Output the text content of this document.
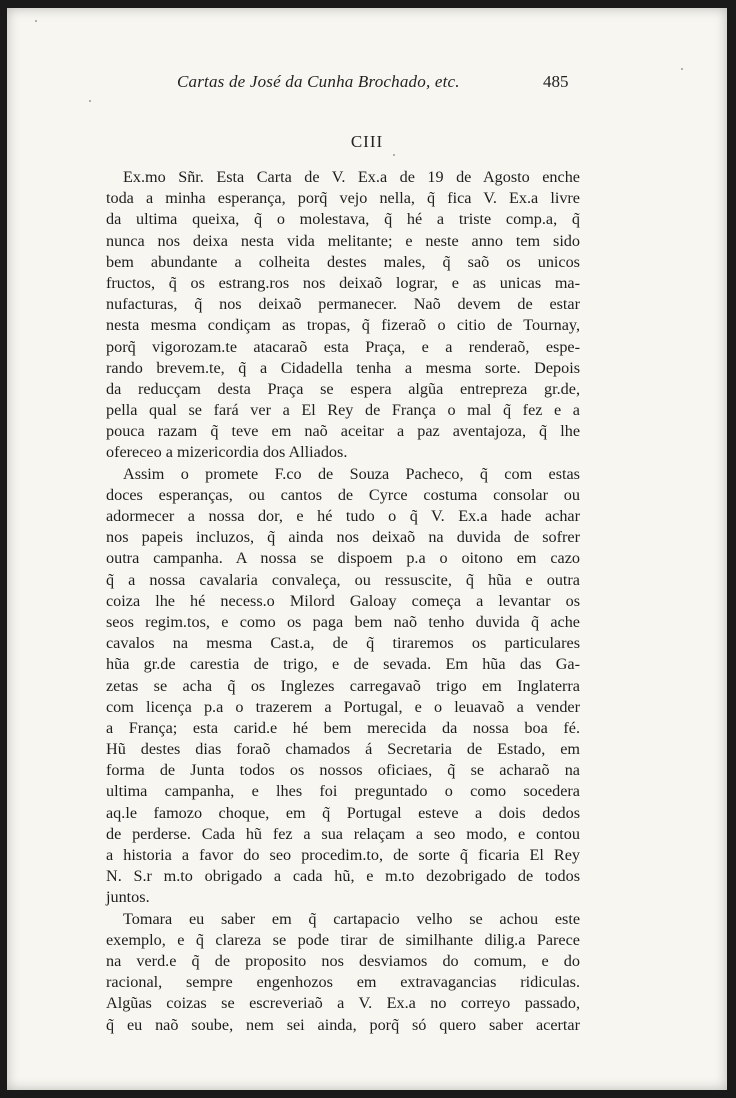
Cartas de José da Cunha Brochado, etc.	485
CIII
Ex.mo Sñr. Esta Carta de V. Ex.a de 19 de Agosto enche
toda a minha esperança, porq̃ vejo nella, q̃ fica V. Ex.a livre
da ultima queixa, q̃ o molestava, q̃ hé a triste comp.a, q̃
nunca nos deixa nesta vida melitante; e neste anno tem sido
bem abundante a colheita destes males, q̃ saõ os unicos
fructos, q̃ os estrang.ros nos deixaõ lograr, e as unicas ma-
nufacturas, q̃ nos deixaõ permanecer. Naõ devem de estar
nesta mesma condiçam as tropas, q̃ fizeraõ o citio de Tournay,
porq̃ vigorozam.te atacaraõ esta Praça, e a renderaõ, espe-
rando brevem.te, q̃ a Cidadella tenha a mesma sorte. Depois
da reducçam desta Praça se espera algũa entrepreza gr.de,
pella qual se fará ver a El Rey de França o mal q̃ fez e a
pouca razam q̃ teve em naõ aceitar a paz aventajoza, q̃ lhe
ofereceo a mizericordia dos Alliados.
Assim o promete F.co de Souza Pacheco, q̃ com estas
doces esperanças, ou cantos de Cyrce costuma consolar ou
adormecer a nossa dor, e hé tudo o q̃ V. Ex.a hade achar
nos papeis incluzos, q̃ ainda nos deixaõ na duvida de sofrer
outra campanha. A nossa se dispoem p.a o oitono em cazo
q̃ a nossa cavalaria convaleça, ou ressuscite, q̃ hũa e outra
coiza lhe hé necess.o Milord Galoay começa a levantar os
seos regim.tos, e como os paga bem naõ tenho duvida q̃ ache
cavalos na mesma Cast.a, de q̃ tiraremos os particulares
hũa gr.de carestia de trigo, e de sevada. Em hũa das Ga-
zetas se acha q̃ os Inglezes carregavaõ trigo em Inglaterra
com licença p.a o trazerem a Portugal, e o leuavaõ a vender
a França; esta carid.e hé bem merecida da nossa boa fé.
Hũ destes dias foraõ chamados á Secretaria de Estado, em
forma de Junta todos os nossos oficiaes, q̃ se acharaõ na
ultima campanha, e lhes foi preguntado o como socedera
aq.le famozo choque, em q̃ Portugal esteve a dois dedos
de perderse. Cada hũ fez a sua relaçam a seo modo, e contou
a historia a favor do seo procedim.to, de sorte q̃ ficaria El Rey
N. S.r m.to obrigado a cada hũ, e m.to dezobrigado de todos
juntos.
Tomara eu saber em q̃ cartapacio velho se achou este
exemplo, e q̃ clareza se pode tirar de similhante dilig.a Parece
na verd.e q̃ de proposito nos desviamos do comum, e do
racional, sempre engenhozos em extravagancias ridiculas.
Algũas coizas se escreveriaõ a V. Ex.a no correyo passado,
q̃ eu naõ soube, nem sei ainda, porq̃ só quero saber acertar
